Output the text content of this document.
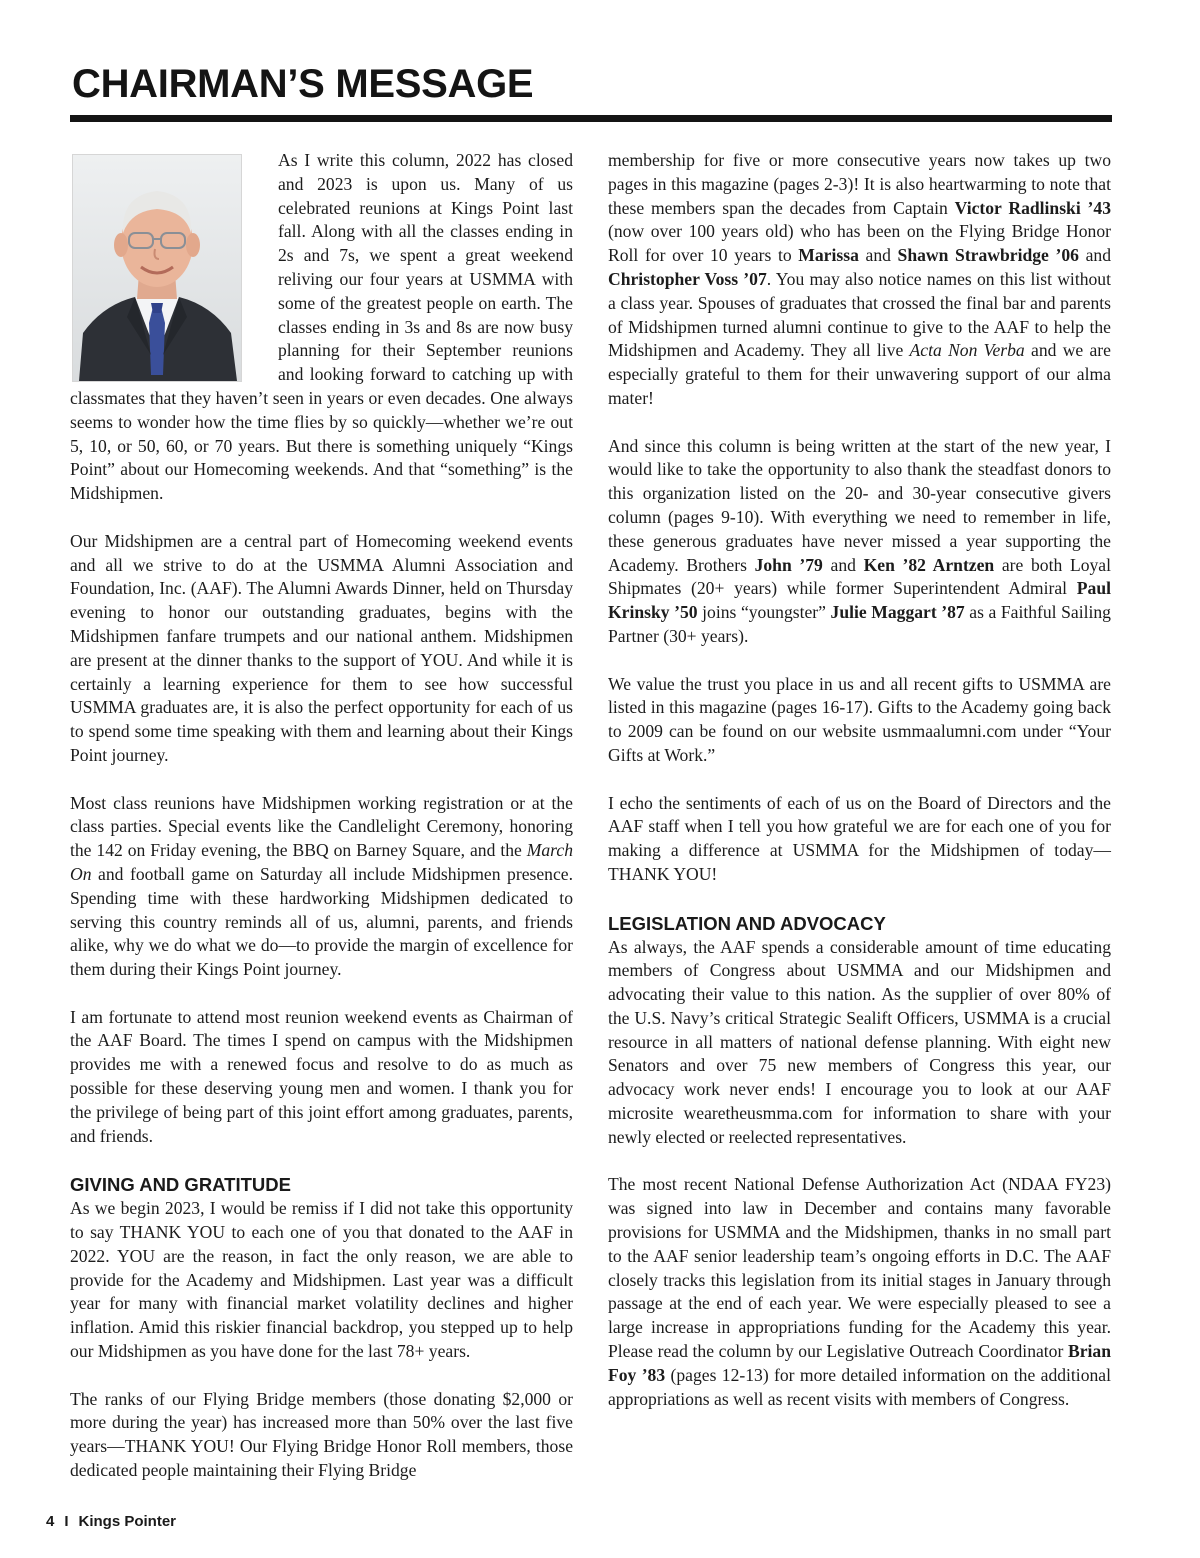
CHAIRMAN’S MESSAGE

As I write this column, 2022 has closed and 2023 is upon us. Many of us celebrated reunions at Kings Point last fall. Along with all the classes ending in 2s and 7s, we spent a great weekend reliving our four years at USMMA with some of the greatest people on earth. The classes ending in 3s and 8s are now busy planning for their September reunions and looking forward to catching up with classmates that they haven’t seen in years or even decades. One always seems to wonder how the time flies by so quickly—whether we’re out 5, 10, or 50, 60, or 70 years. But there is something uniquely “Kings Point” about our Homecoming weekends. And that “something” is the Midshipmen.

Our Midshipmen are a central part of Homecoming weekend events and all we strive to do at the USMMA Alumni Association and Foundation, Inc. (AAF). The Alumni Awards Dinner, held on Thursday evening to honor our outstanding graduates, begins with the Midshipmen fanfare trumpets and our national anthem. Midshipmen are present at the dinner thanks to the support of YOU. And while it is certainly a learning experience for them to see how successful USMMA graduates are, it is also the perfect opportunity for each of us to spend some time speaking with them and learning about their Kings Point journey.

Most class reunions have Midshipmen working registration or at the class parties. Special events like the Candlelight Ceremony, honoring the 142 on Friday evening, the BBQ on Barney Square, and the March On and football game on Saturday all include Midshipmen presence. Spending time with these hardworking Midshipmen dedicated to serving this country reminds all of us, alumni, parents, and friends alike, why we do what we do—to provide the margin of excellence for them during their Kings Point journey.

I am fortunate to attend most reunion weekend events as Chairman of the AAF Board. The times I spend on campus with the Midshipmen provides me with a renewed focus and resolve to do as much as possible for these deserving young men and women. I thank you for the privilege of being part of this joint effort among graduates, parents, and friends.

GIVING AND GRATITUDE

As we begin 2023, I would be remiss if I did not take this opportunity to say THANK YOU to each one of you that donated to the AAF in 2022. YOU are the reason, in fact the only reason, we are able to provide for the Academy and Midshipmen. Last year was a difficult year for many with financial market volatility declines and higher inflation. Amid this riskier financial backdrop, you stepped up to help our Midshipmen as you have done for the last 78+ years.

The ranks of our Flying Bridge members (those donating $2,000 or more during the year) has increased more than 50% over the last five years—THANK YOU! Our Flying Bridge Honor Roll members, those dedicated people maintaining their Flying Bridge

membership for five or more consecutive years now takes up two pages in this magazine (pages 2-3)! It is also heartwarming to note that these members span the decades from Captain Victor Radlinski ’43 (now over 100 years old) who has been on the Flying Bridge Honor Roll for over 10 years to Marissa and Shawn Strawbridge ’06 and Christopher Voss ’07. You may also notice names on this list without a class year. Spouses of graduates that crossed the final bar and parents of Midshipmen turned alumni continue to give to the AAF to help the Midshipmen and Academy. They all live Acta Non Verba and we are especially grateful to them for their unwavering support of our alma mater!

And since this column is being written at the start of the new year, I would like to take the opportunity to also thank the steadfast donors to this organization listed on the 20- and 30-year consecutive givers column (pages 9-10). With everything we need to remember in life, these generous graduates have never missed a year supporting the Academy. Brothers John ’79 and Ken ’82 Arntzen are both Loyal Shipmates (20+ years) while former Superintendent Admiral Paul Krinsky ’50 joins “youngster” Julie Maggart ’87 as a Faithful Sailing Partner (30+ years).

We value the trust you place in us and all recent gifts to USMMA are listed in this magazine (pages 16-17). Gifts to the Academy going back to 2009 can be found on our website usmmaalumni.com under “Your Gifts at Work.”

I echo the sentiments of each of us on the Board of Directors and the AAF staff when I tell you how grateful we are for each one of you for making a difference at USMMA for the Midshipmen of today—THANK YOU!

LEGISLATION AND ADVOCACY

As always, the AAF spends a considerable amount of time educating members of Congress about USMMA and our Midshipmen and advocating their value to this nation. As the supplier of over 80% of the U.S. Navy’s critical Strategic Sealift Officers, USMMA is a crucial resource in all matters of national defense planning. With eight new Senators and over 75 new members of Congress this year, our advocacy work never ends! I encourage you to look at our AAF microsite wearetheusmma.com for information to share with your newly elected or reelected representatives.

The most recent National Defense Authorization Act (NDAA FY23) was signed into law in December and contains many favorable provisions for USMMA and the Midshipmen, thanks in no small part to the AAF senior leadership team’s ongoing efforts in D.C. The AAF closely tracks this legislation from its initial stages in January through passage at the end of each year. We were especially pleased to see a large increase in appropriations funding for the Academy this year. Please read the column by our Legislative Outreach Coordinator Brian Foy ’83 (pages 12-13) for more detailed information on the additional appropriations as well as recent visits with members of Congress.

4 I Kings Pointer
